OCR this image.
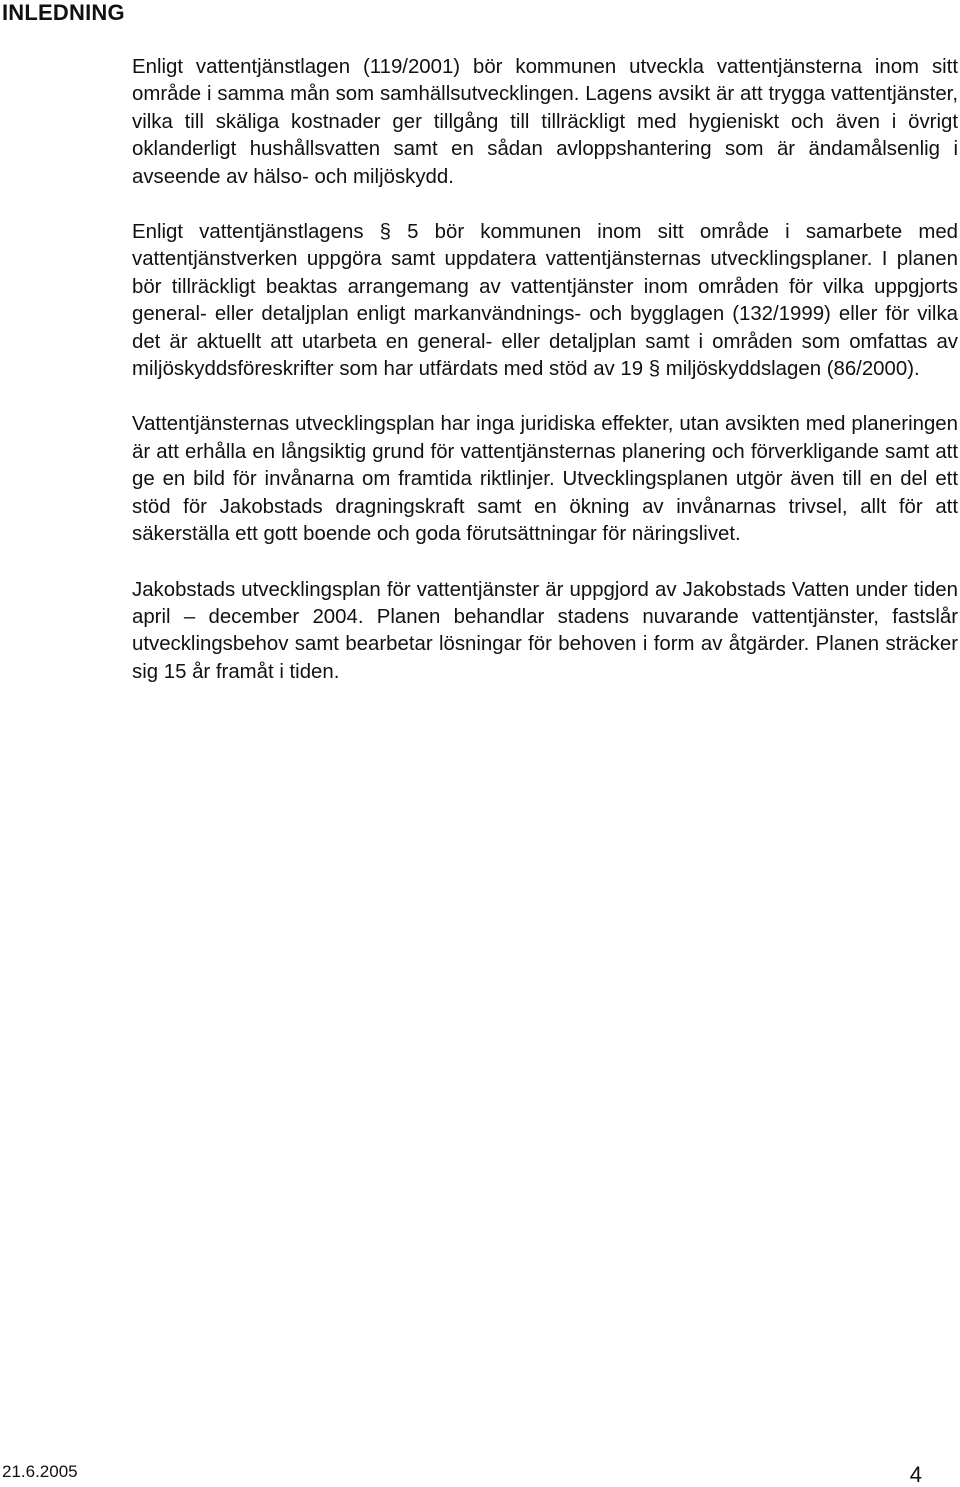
INLEDNING

Enligt vattentjänstlagen (119/2001) bör kommunen utveckla vattentjänsterna inom sitt område i samma mån som samhällsutvecklingen. Lagens avsikt är att trygga vattentjänster, vilka till skäliga kostnader ger tillgång till tillräckligt med hygieniskt och även i övrigt oklanderligt hushållsvatten samt en sådan avloppshantering som är ändamålsenlig i avseende av hälso- och miljöskydd.

Enligt vattentjänstlagens § 5 bör kommunen inom sitt område i samarbete med vattentjänstverken uppgöra samt uppdatera vattentjänsternas utvecklingsplaner. I planen bör tillräckligt beaktas arrangemang av vattentjänster inom områden för vilka uppgjorts general- eller detaljplan enligt markanvändnings- och bygglagen (132/1999) eller för vilka det är aktuellt att utarbeta en general- eller detaljplan samt i områden som omfattas av miljöskyddsföreskrifter som har utfärdats med stöd av 19 § miljöskyddslagen (86/2000).

Vattentjänsternas utvecklingsplan har inga juridiska effekter, utan avsikten med planeringen är att erhålla en långsiktig grund för vattentjänsternas planering och förverkligande samt att ge en bild för invånarna om framtida riktlinjer. Utvecklingsplanen utgör även till en del ett stöd för Jakobstads dragningskraft samt en ökning av invånarnas trivsel, allt för att säkerställa ett gott boende och goda förutsättningar för näringslivet.

Jakobstads utvecklingsplan för vattentjänster är uppgjord av Jakobstads Vatten under tiden april – december 2004. Planen behandlar stadens nuvarande vattentjänster, fastslår utvecklingsbehov samt bearbetar lösningar för behoven i form av åtgärder. Planen sträcker sig 15 år framåt i tiden.

21.6.2005	4
